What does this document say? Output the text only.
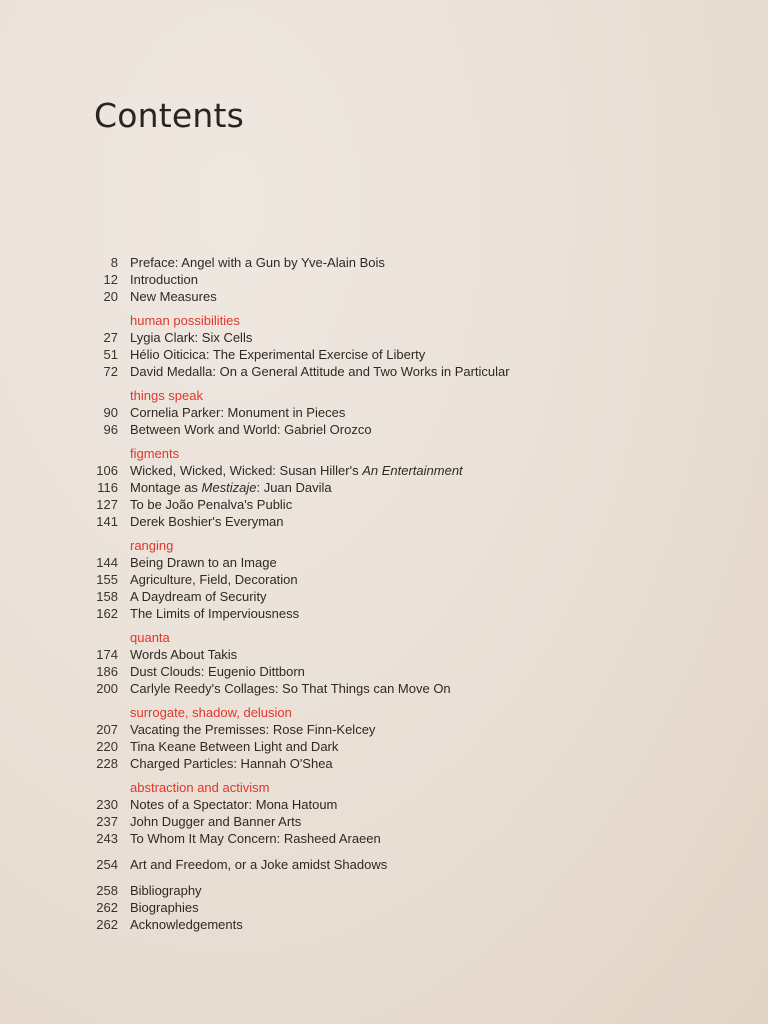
Contents
8 Preface: Angel with a Gun by Yve-Alain Bois
12 Introduction
20 New Measures
human possibilities
27 Lygia Clark: Six Cells
51 Hélio Oiticica: The Experimental Exercise of Liberty
72 David Medalla: On a General Attitude and Two Works in Particular
things speak
90 Cornelia Parker: Monument in Pieces
96 Between Work and World: Gabriel Orozco
figments
106 Wicked, Wicked, Wicked: Susan Hiller's An Entertainment
116 Montage as Mestizaje: Juan Davila
127 To be João Penalva's Public
141 Derek Boshier's Everyman
ranging
144 Being Drawn to an Image
155 Agriculture, Field, Decoration
158 A Daydream of Security
162 The Limits of Imperviousness
quanta
174 Words About Takis
186 Dust Clouds: Eugenio Dittborn
200 Carlyle Reedy's Collages: So That Things can Move On
surrogate, shadow, delusion
207 Vacating the Premisses: Rose Finn-Kelcey
220 Tina Keane Between Light and Dark
228 Charged Particles: Hannah O'Shea
abstraction and activism
230 Notes of a Spectator: Mona Hatoum
237 John Dugger and Banner Arts
243 To Whom It May Concern: Rasheed Araeen
254 Art and Freedom, or a Joke amidst Shadows
258 Bibliography
262 Biographies
262 Acknowledgements
